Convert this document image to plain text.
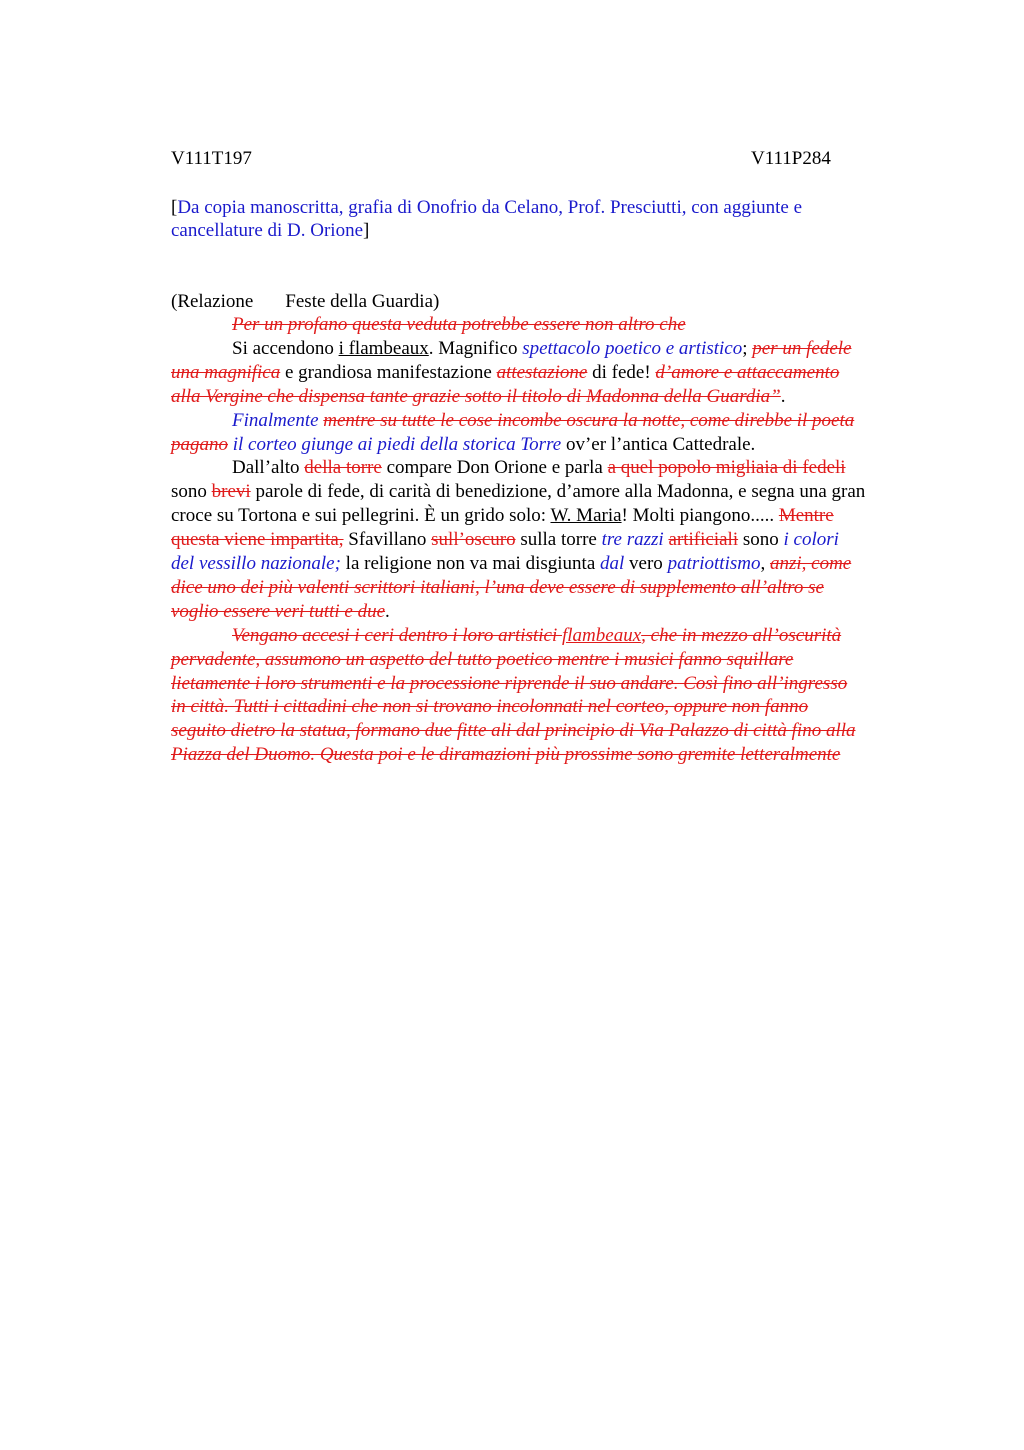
V111T197	V111P284
[Da copia manoscritta, grafia di Onofrio da Celano, Prof. Presciutti, con aggiunte e
cancellature di D. Orione]
(Relazione Feste della Guardia)
Per un profano questa veduta potrebbe essere non altro che
Si accendono i flambeaux. Magnifico spettacolo poetico e artistico; per un fedele
una magnifica e grandiosa manifestazione attestazione di fede! d’amore e attaccamento
alla Vergine che dispensa tante grazie sotto il titolo di Madonna della Guardia”.
Finalmente mentre su tutte le cose incombe oscura la notte, come direbbe il poeta
pagano il corteo giunge ai piedi della storica Torre ov’er l’antica Cattedrale.
Dall’alto della torre compare Don Orione e parla a quel popolo migliaia di fedeli
sono brevi parole di fede, di carità di benedizione, d’amore alla Madonna, e segna una gran
croce su Tortona e sui pellegrini. È un grido solo: W. Maria! Molti piangono..... Mentre
questa viene impartita, Sfavillano sull’oscuro sulla torre tre razzi artificiali sono i colori
del vessillo nazionale; la religione non va mai disgiunta dal vero patriottismo, anzi, come
dice uno dei più valenti scrittori italiani, l’una deve essere di supplemento all’altro se
voglio essere veri tutti e due.
Vengano accesi i ceri dentro i loro artistici flambeaux, che in mezzo all’oscurità
pervadente, assumono un aspetto del tutto poetico mentre i musici fanno squillare
lietamente i loro strumenti e la processione riprende il suo andare. Così fino all’ingresso
in città. Tutti i cittadini che non si trovano incolonnati nel corteo, oppure non fanno
seguito dietro la statua, formano due fitte ali dal principio di Via Palazzo di città fino alla
Piazza del Duomo. Questa poi e le diramazioni più prossime sono gremite letteralmente
